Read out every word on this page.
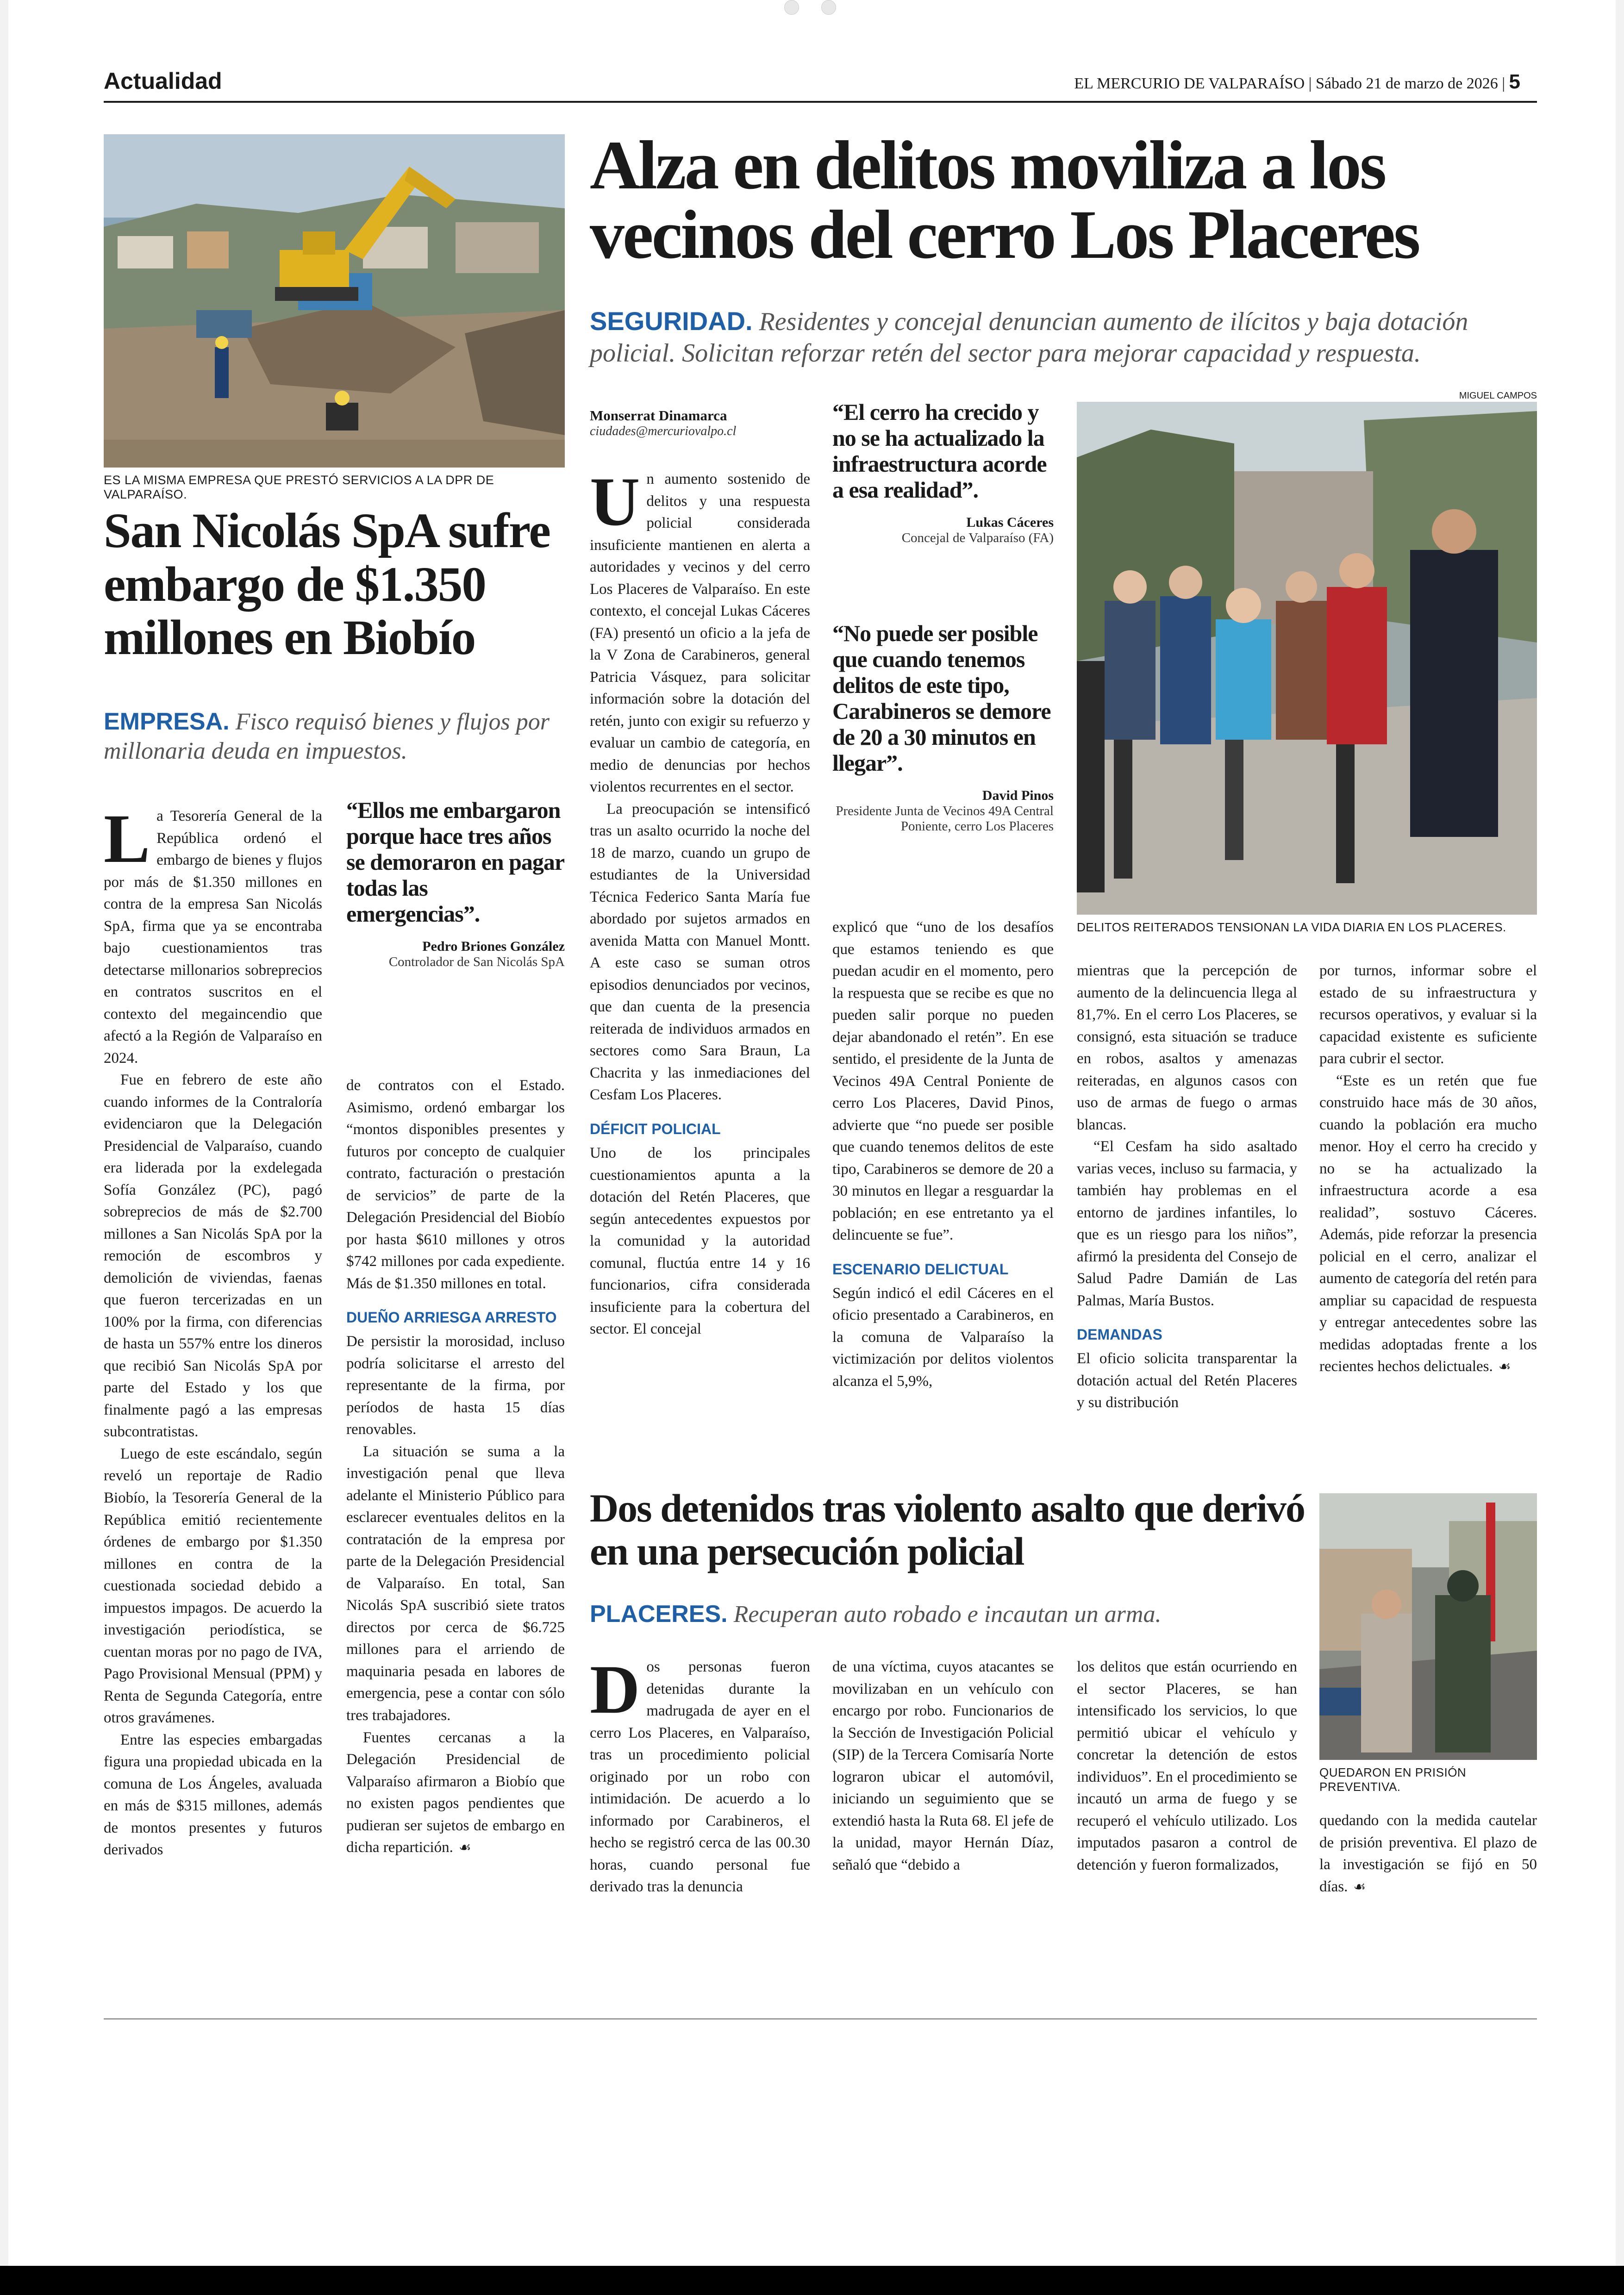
Actualidad	EL MERCURIO DE VALPARAÍSO | Sábado 21 de marzo de 2026 | 5
ES LA MISMA EMPRESA QUE PRESTÓ SERVICIOS A LA DPR DE VALPARAÍSO.
San Nicolás SpA sufre embargo de $1.350 millones en Biobío
EMPRESA. Fisco requisó bienes y flujos por millonaria deuda en impuestos.

La Tesorería General de la República ordenó el embargo de bienes y flujos por más de $1.350 millones en contra de la empresa San Nicolás SpA, firma que ya se encontraba bajo cuestionamientos tras detectarse millonarios sobreprecios en contratos suscritos en el contexto del megaincendio que afectó a la Región de Valparaíso en 2024.

Fue en febrero de este año cuando informes de la Contraloría evidenciaron que la Delegación Presidencial de Valparaíso, cuando era liderada por la exdelegada Sofía González (PC), pagó sobreprecios de más de $2.700 millones a San Nicolás SpA por la remoción de escombros y demolición de viviendas, faenas que fueron tercerizadas en un 100% por la firma, con diferencias de hasta un 557% entre los dineros que recibió San Nicolás SpA por parte del Estado y los que finalmente pagó a las empresas subcontratistas.

Luego de este escándalo, según reveló un reportaje de Radio Biobío, la Tesorería General de la República emitió recientemente órdenes de embargo por $1.350 millones en contra de la cuestionada sociedad debido a impuestos impagos. De acuerdo la investigación periodística, se cuentan moras por no pago de IVA, Pago Provisional Mensual (PPM) y Renta de Segunda Categoría, entre otros gravámenes.

Entre las especies embargadas figura una propiedad ubicada en la comuna de Los Ángeles, avaluada en más de $315 millones, además de montos presentes y futuros derivados

“Ellos me embargaron porque hace tres años se demoraron en pagar todas las emergencias”.
Pedro Briones González
Controlador de San Nicolás SpA

de contratos con el Estado. Asimismo, ordenó embargar los “montos disponibles presentes y futuros por concepto de cualquier contrato, facturación o prestación de servicios” de parte de la Delegación Presidencial del Biobío por hasta $610 millones y otros $742 millones por cada expediente. Más de $1.350 millones en total.

DUEÑO ARRIESGA ARRESTO

De persistir la morosidad, incluso podría solicitarse el arresto del representante de la firma, por períodos de hasta 15 días renovables.

La situación se suma a la investigación penal que lleva adelante el Ministerio Público para esclarecer eventuales delitos en la contratación de la empresa por parte de la Delegación Presidencial de Valparaíso. En total, San Nicolás SpA suscribió siete tratos directos por cerca de $6.725 millones para el arriendo de maquinaria pesada en labores de emergencia, pese a contar con sólo tres trabajadores.

Fuentes cercanas a la Delegación Presidencial de Valparaíso afirmaron a Biobío que no existen pagos pendientes que pudieran ser sujetos de embargo en dicha repartición. ☙

Alza en delitos moviliza a los vecinos del cerro Los Placeres
SEGURIDAD. Residentes y concejal denuncian aumento de ilícitos y baja dotación policial. Solicitan reforzar retén del sector para mejorar capacidad y respuesta.
Monserrat Dinamarca
ciudades@mercuriovalpo.cl

Un aumento sostenido de delitos y una respuesta policial considerada insuficiente mantienen en alerta a autoridades y vecinos y del cerro Los Placeres de Valparaíso. En este contexto, el concejal Lukas Cáceres (FA) presentó un oficio a la jefa de la V Zona de Carabineros, general Patricia Vásquez, para solicitar información sobre la dotación del retén, junto con exigir su refuerzo y evaluar un cambio de categoría, en medio de denuncias por hechos violentos recurrentes en el sector.

La preocupación se intensificó tras un asalto ocurrido la noche del 18 de marzo, cuando un grupo de estudiantes de la Universidad Técnica Federico Santa María fue abordado por sujetos armados en avenida Matta con Manuel Montt. A este caso se suman otros episodios denunciados por vecinos, que dan cuenta de la presencia reiterada de individuos armados en sectores como Sara Braun, La Chacrita y las inmediaciones del Cesfam Los Placeres.

DÉFICIT POLICIAL

Uno de los principales cuestionamientos apunta a la dotación del Retén Placeres, que según antecedentes expuestos por la comunidad y la autoridad comunal, fluctúa entre 14 y 16 funcionarios, cifra considerada insuficiente para la cobertura del sector. El concejal

“El cerro ha crecido y no se ha actualizado la infraestructura acorde a esa realidad”.
Lukas Cáceres
Concejal de Valparaíso (FA)
“No puede ser posible que cuando tenemos delitos de este tipo, Carabineros se demore de 20 a 30 minutos en llegar”.
David Pinos
Presidente Junta de Vecinos 49A Central Poniente, cerro Los Placeres

explicó que “uno de los desafíos que estamos teniendo es que puedan acudir en el momento, pero la respuesta que se recibe es que no pueden salir porque no pueden dejar abandonado el retén”. En ese sentido, el presidente de la Junta de Vecinos 49A Central Poniente de cerro Los Placeres, David Pinos, advierte que “no puede ser posible que cuando tenemos delitos de este tipo, Carabineros se demore de 20 a 30 minutos en llegar a resguardar la población; en ese entretanto ya el delincuente se fue”.

ESCENARIO DELICTUAL

Según indicó el edil Cáceres en el oficio presentado a Carabineros, en la comuna de Valparaíso la victimización por delitos violentos alcanza el 5,9%,

MIGUEL CAMPOS
DELITOS REITERADOS TENSIONAN LA VIDA DIARIA EN LOS PLACERES.

mientras que la percepción de aumento de la delincuencia llega al 81,7%. En el cerro Los Placeres, se consignó, esta situación se traduce en robos, asaltos y amenazas reiteradas, en algunos casos con uso de armas de fuego o armas blancas.

“El Cesfam ha sido asaltado varias veces, incluso su farmacia, y también hay problemas en el entorno de jardines infantiles, lo que es un riesgo para los niños”, afirmó la presidenta del Consejo de Salud Padre Damián de Las Palmas, María Bustos.

DEMANDAS

El oficio solicita transparentar la dotación actual del Retén Placeres y su distribución

por turnos, informar sobre el estado de su infraestructura y recursos operativos, y evaluar si la capacidad existente es suficiente para cubrir el sector.

“Este es un retén que fue construido hace más de 30 años, cuando la población era mucho menor. Hoy el cerro ha crecido y no se ha actualizado la infraestructura acorde a esa realidad”, sostuvo Cáceres. Además, pide reforzar la presencia policial en el cerro, analizar el aumento de categoría del retén para ampliar su capacidad de respuesta y entregar antecedentes sobre las medidas adoptadas frente a los recientes hechos delictuales. ☙

Dos detenidos tras violento asalto que derivó en una persecución policial
PLACERES. Recuperan auto robado e incautan un arma.

Dos personas fueron detenidas durante la madrugada de ayer en el cerro Los Placeres, en Valparaíso, tras un procedimiento policial originado por un robo con intimidación. De acuerdo a lo informado por Carabineros, el hecho se registró cerca de las 00.30 horas, cuando personal fue derivado tras la denuncia

de una víctima, cuyos atacantes se movilizaban en un vehículo con encargo por robo. Funcionarios de la Sección de Investigación Policial (SIP) de la Tercera Comisaría Norte lograron ubicar el automóvil, iniciando un seguimiento que se extendió hasta la Ruta 68. El jefe de la unidad, mayor Hernán Díaz, señaló que “debido a

los delitos que están ocurriendo en el sector Placeres, se han intensificado los servicios, lo que permitió ubicar el vehículo y concretar la detención de estos individuos”. En el procedimiento se incautó un arma de fuego y se recuperó el vehículo utilizado. Los imputados pasaron a control de detención y fueron formalizados,

QUEDARON EN PRISIÓN PREVENTIVA.

quedando con la medida cautelar de prisión preventiva. El plazo de la investigación se fijó en 50 días. ☙
